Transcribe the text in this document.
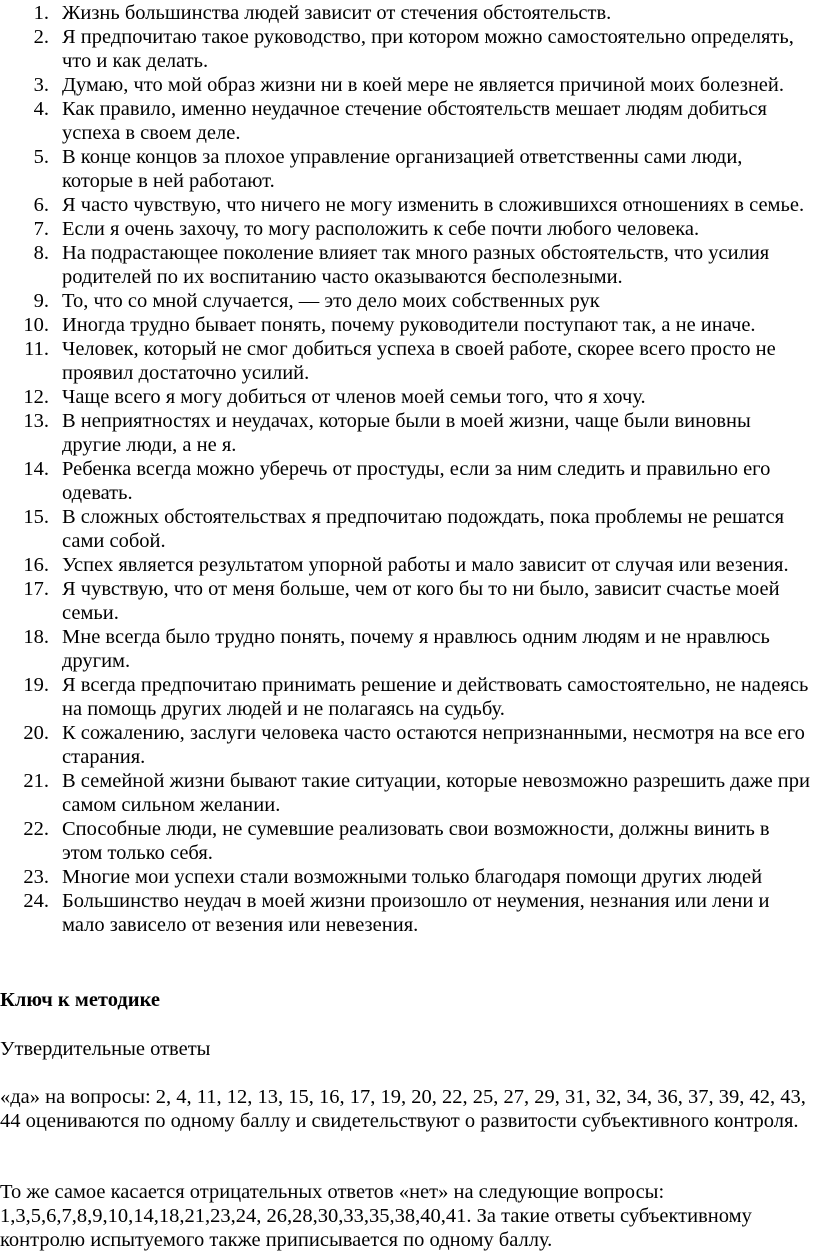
1. Жизнь большинства людей зависит от стечения обстоятельств.
2. Я предпочитаю такое руководство, при котором можно самостоятельно определять, что и как делать.
3. Думаю, что мой образ жизни ни в коей мере не является причиной моих болезней.
4. Как правило, именно неудачное стечение обстоятельств мешает людям добиться успеха в своем деле.
5. В конце концов за плохое управление организацией ответственны сами люди, которые в ней работают.
6. Я часто чувствую, что ничего не могу изменить в сложившихся отношениях в семье.
7. Если я очень захочу, то могу расположить к себе почти любого человека.
8. На подрастающее поколение влияет так много разных обстоятельств, что усилия родителей по их воспитанию часто оказываются бесполезными.
9. То, что со мной случается, — это дело моих собственных рук
10. Иногда трудно бывает понять, почему руководители поступают так, а не иначе.
11. Человек, который не смог добиться успеха в своей работе, скорее всего просто не проявил достаточно усилий.
12. Чаще всего я могу добиться от членов моей семьи того, что я хочу.
13. В неприятностях и неудачах, которые были в моей жизни, чаще были виновны другие люди, а не я.
14. Ребенка всегда можно уберечь от простуды, если за ним следить и правильно его одевать.
15. В сложных обстоятельствах я предпочитаю подождать, пока проблемы не решатся сами собой.
16. Успех является результатом упорной работы и мало зависит от случая или везения.
17. Я чувствую, что от меня больше, чем от кого бы то ни было, зависит счастье моей семьи.
18. Мне всегда было трудно понять, почему я нравлюсь одним людям и не нравлюсь другим.
19. Я всегда предпочитаю принимать решение и действовать самостоятельно, не надеясь на помощь других людей и не полагаясь на судьбу.
20. К сожалению, заслуги человека часто остаются непризнанными, несмотря на все его старания.
21. В семейной жизни бывают такие ситуации, которые невозможно разрешить даже при самом сильном желании.
22. Способные люди, не сумевшие реализовать свои возможности, должны винить в этом только себя.
23. Многие мои успехи стали возможными только благодаря помощи других людей
24. Большинство неудач в моей жизни произошло от неумения, незнания или лени и мало зависело от везения или невезения.
Ключ к методике
Утвердительные ответы
«да» на вопросы: 2, 4, 11, 12, 13, 15, 16, 17, 19, 20, 22, 25, 27, 29, 31, 32, 34, 36, 37, 39, 42, 43, 44 оцениваются по одному баллу и свидетельствуют о развитости субъективного контроля.
То же самое касается отрицательных ответов «нет» на следующие вопросы: 1,3,5,6,7,8,9,10,14,18,21,23,24, 26,28,30,33,35,38,40,41. За такие ответы субъективному контролю испытуемого также приписывается по одному баллу.
